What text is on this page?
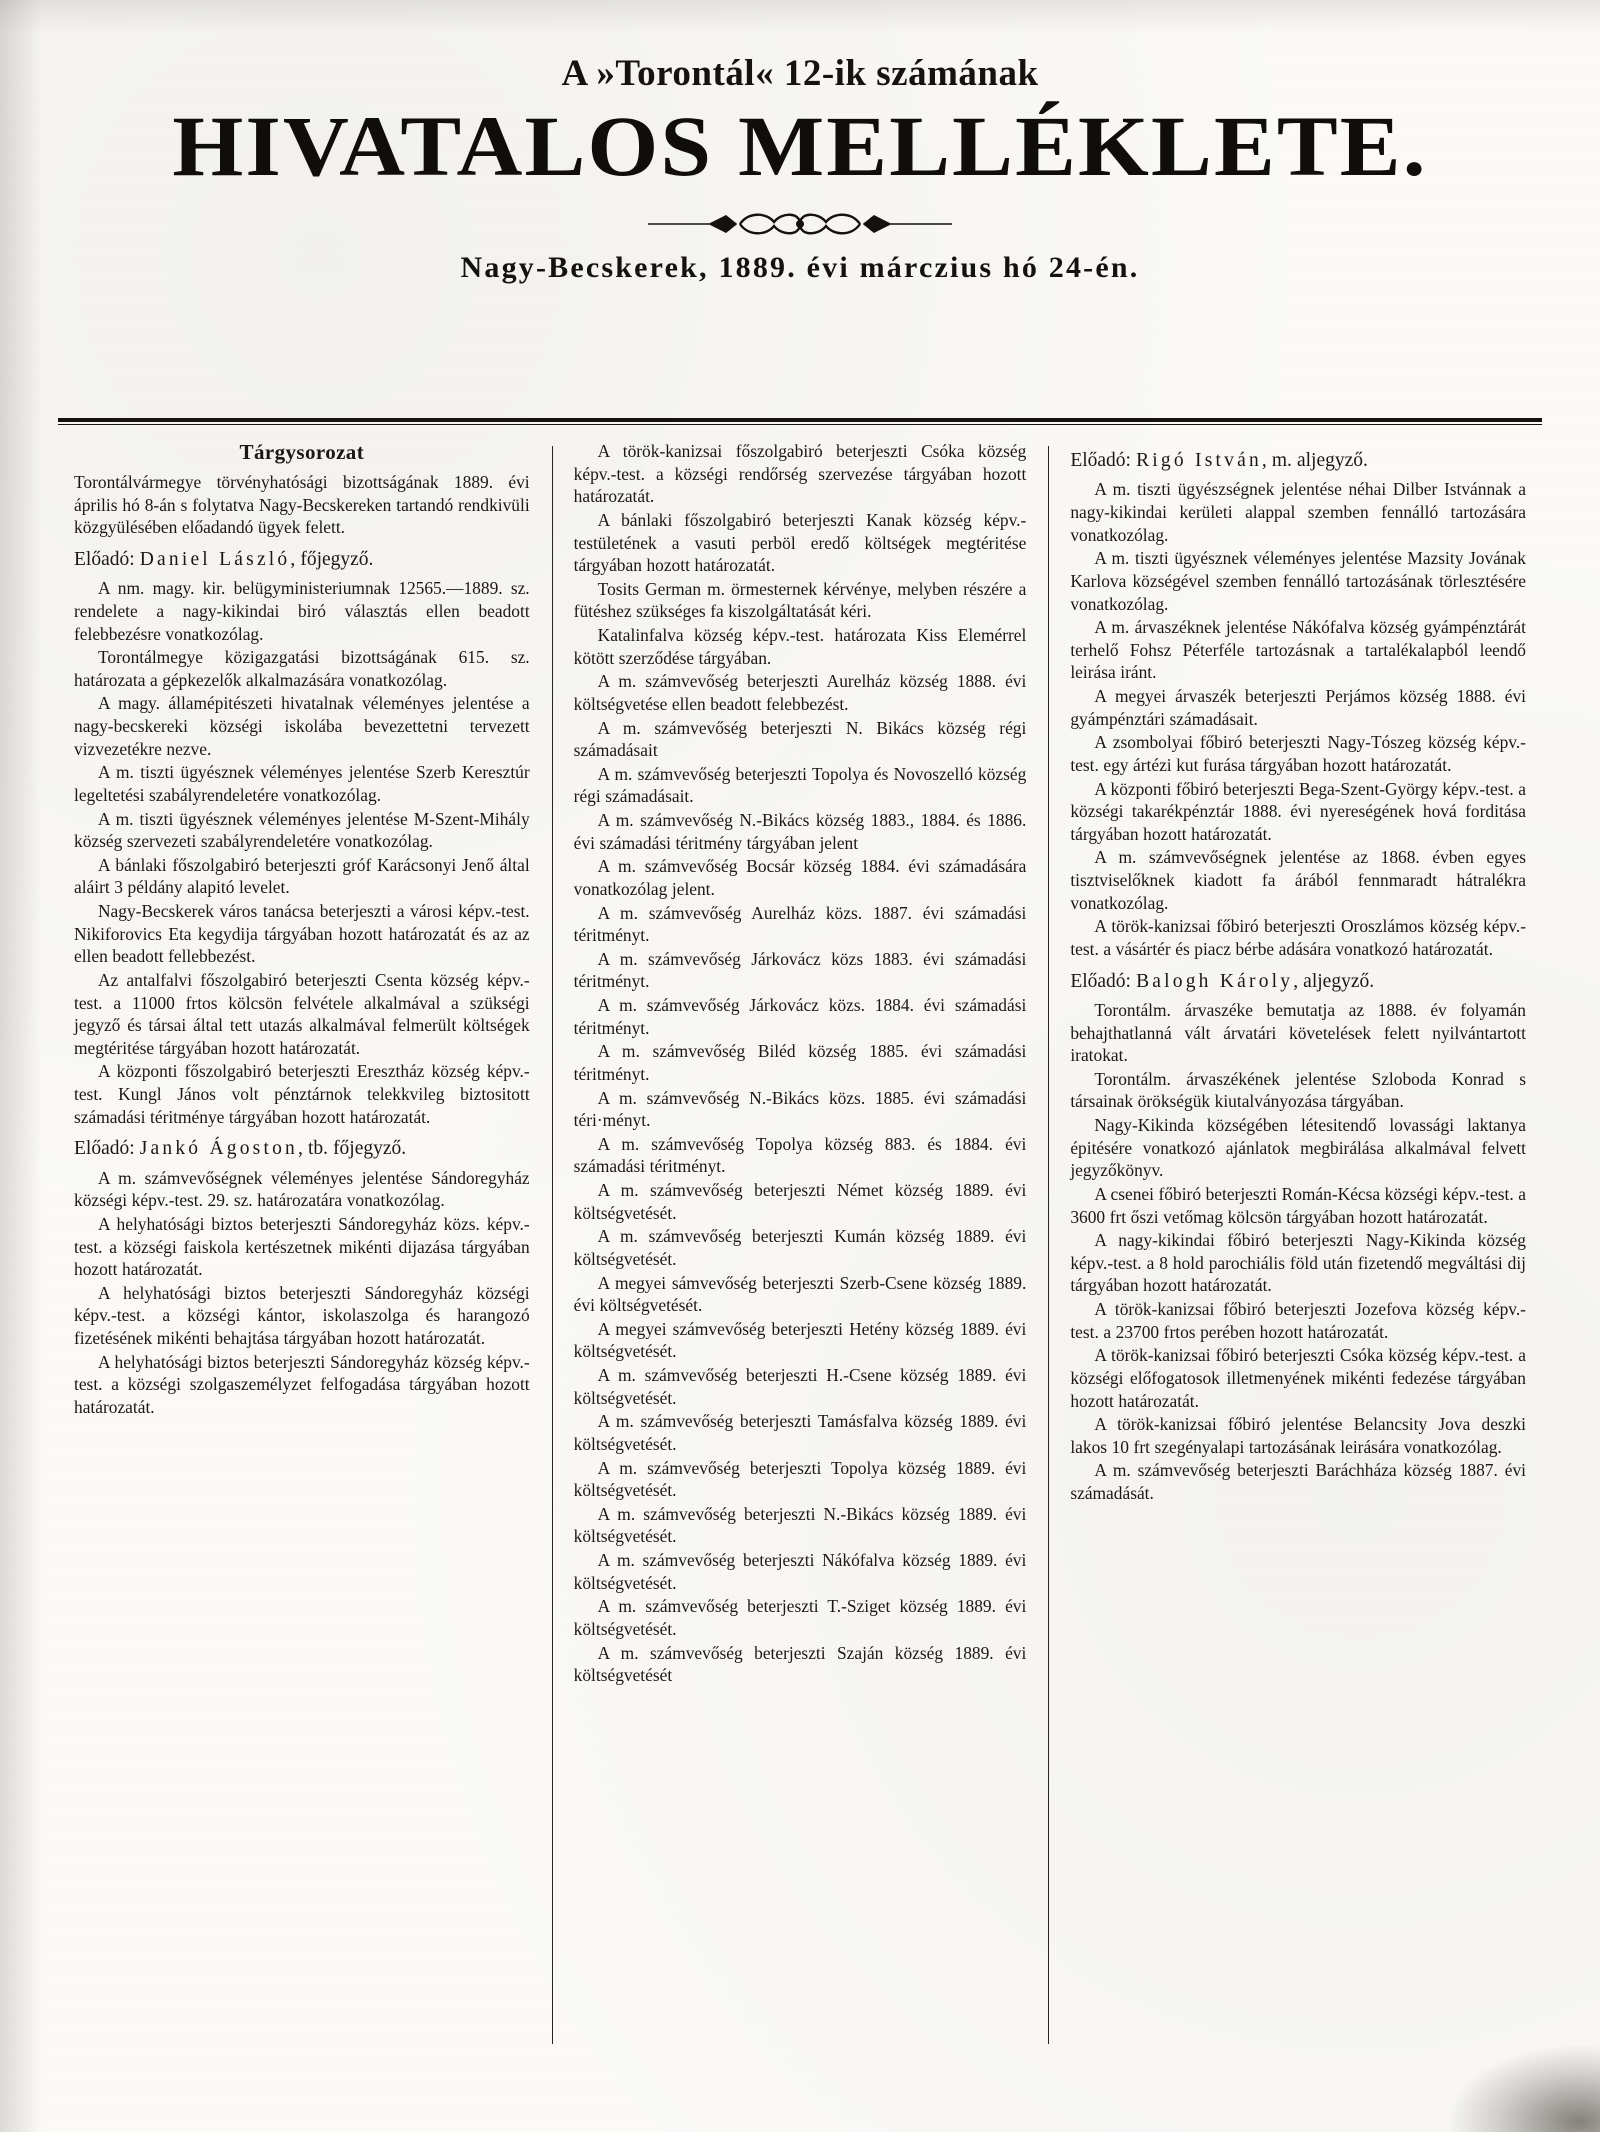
A »Torontál« 12-ik számának
HIVATALOS MELLÉKLETE.
Nagy-Becskerek, 1889. évi márczius hó 24-én.
Tárgysorozat

Torontálvármegye törvényhatósági bizottságának 1889. évi április hó 8-án s folytatva Nagy-Becskereken tartandó rendkivüli közgyülésében előadandó ügyek felett.

Előadó: Daniel László, főjegyző.

A nm. magy. kir. belügyministeriumnak 12565.—1889. sz. rendelete a nagy-kikindai biró választás ellen beadott felebbezésre vonatkozólag.

Torontálmegye közigazgatási bizottságának 615. sz. határozata a gépkezelők alkalmazására vonatkozólag.

A magy. államépitészeti hivatalnak véleményes jelentése a nagy-becskereki községi iskolába bevezettetni tervezett vizvezetékre nezve.

A m. tiszti ügyésznek véleményes jelentése Szerb Keresztúr legeltetési szabályrendeletére vonatkozólag.

A m. tiszti ügyésznek véleményes jelentése M-Szent-Mihály község szervezeti szabályrendeletére vonatkozólag.

A bánlaki főszolgabiró beterjeszti gróf Karácsonyi Jenő által aláirt 3 példány alapitó levelet.

Nagy-Becskerek város tanácsa beterjeszti a városi képv.-test. Nikiforovics Eta kegydija tárgyában hozott határozatát és az az ellen beadott fellebbezést.

Az antalfalvi főszolgabiró beterjeszti Csenta község képv.-test. a 11000 frtos kölcsön felvétele alkalmával a szükségi jegyző és társai által tett utazás alkalmával felmerült költségek megtéritése tárgyában hozott határozatát.

A központi főszolgabiró beterjeszti Eresztház község képv.-test. Kungl János volt pénztárnok telekkvileg biztositott számadási téritménye tárgyában hozott határozatát.

Előadó: Jankó Ágoston, tb. főjegyző.

A m. számvevőségnek véleményes jelentése Sándoregyház községi képv.-test. 29. sz. határozatára vonatkozólag.

A helyhatósági biztos beterjeszti Sándoregyház közs. képv.-test. a községi faiskola kertészetnek mikénti dijazása tárgyában hozott határozatát.

A helyhatósági biztos beterjeszti Sándoregyház községi képv.-test. a községi kántor, iskolaszolga és harangozó fizetésének mikénti behajtása tárgyában hozott határozatát.

A helyhatósági biztos beterjeszti Sándoregyház község képv.-test. a községi szolgaszemélyzet felfogadása tárgyában hozott határozatát.

A török-kanizsai főszolgabiró beterjeszti Csóka község képv.-test. a községi rendőrség szervezése tárgyában hozott határozatát.

A bánlaki főszolgabiró beterjeszti Kanak község képv.-testületének a vasuti perböl eredő költségek megtéritése tárgyában hozott határozatát.

Tosits German m. örmesternek kérvénye, melyben részére a fütéshez szükséges fa kiszolgáltatását kéri.

Katalinfalva község képv.-test. határozata Kiss Elemérrel kötött szerződése tárgyában.

A m. számvevőség beterjeszti Aurelház község 1888. évi költségvetése ellen beadott felebbezést.

A m. számvevőség beterjeszti N. Bikács község régi számadásait

A m. számvevőség beterjeszti Topolya és Novoszelló község régi számadásait.

A m. számvevőség N.-Bikács község 1883., 1884. és 1886. évi számadási téritmény tárgyában jelent

A m. számvevőség Bocsár község 1884. évi számadására vonatkozólag jelent.

A m. számvevőség Aurelház közs. 1887. évi számadási téritményt.

A m. számvevőség Járkovácz közs 1883. évi számadási téritményt.

A m. számvevőség Járkovácz közs. 1884. évi számadási téritményt.

A m. számvevőség Biléd község 1885. évi számadási téritményt.

A m. számvevőség N.-Bikács közs. 1885. évi számadási téri·ményt.

A m. számvevőség Topolya község 883. és 1884. évi számadási téritményt.

A m. számvevőség beterjeszti Német község 1889. évi költségvetését.

A m. számvevőség beterjeszti Kumán község 1889. évi költségvetését.

A megyei sámvevőség beterjeszti Szerb-Csene község 1889. évi költségvetését.

A megyei számvevőség beterjeszti Hetény község 1889. évi költségvetését.

A m. számvevőség beterjeszti H.-Csene község 1889. évi költségvetését.

A m. számvevőség beterjeszti Tamásfalva község 1889. évi költségvetését.

A m. számvevőség beterjeszti Topolya község 1889. évi költségvetését.

A m. számvevőség beterjeszti N.-Bikács község 1889. évi költségvetését.

A m. számvevőség beterjeszti Nákófalva község 1889. évi költségvetését.

A m. számvevőség beterjeszti T.-Sziget község 1889. évi költségvetését.

A m. számvevőség beterjeszti Szaján község 1889. évi költségvetését

Előadó: Rigó István, m. aljegyző.

A m. tiszti ügyészségnek jelentése néhai Dilber Istvánnak a nagy-kikindai kerületi alappal szemben fennálló tartozására vonatkozólag.

A m. tiszti ügyésznek véleményes jelentése Mazsity Jovának Karlova községével szemben fennálló tartozásának törlesztésére vonatkozólag.

A m. árvaszéknek jelentése Nákófalva község gyámpénztárát terhelő Fohsz Péterféle tartozásnak a tartalékalapból leendő leirása iránt.

A megyei árvaszék beterjeszti Perjámos község 1888. évi gyámpénztári számadásait.

A zsombolyai főbiró beterjeszti Nagy-Tószeg község képv.-test. egy ártézi kut furása tárgyában hozott határozatát.

A központi főbiró beterjeszti Bega-Szent-György képv.-test. a községi takarékpénztár 1888. évi nyereségének hová forditása tárgyában hozott határozatát.

A m. számvevőségnek jelentése az 1868. évben egyes tisztviselőknek kiadott fa árából fennmaradt hátralékra vonatkozólag.

A török-kanizsai főbiró beterjeszti Oroszlámos község képv.-test. a vásártér és piacz bérbe adására vonatkozó határozatát.

Előadó: Balogh Károly, aljegyző.

Torontálm. árvaszéke bemutatja az 1888. év folyamán behajthatlanná vált árvatári követelések felett nyilvántartott iratokat.

Torontálm. árvaszékének jelentése Szloboda Konrad s társainak örökségük kiutalványozása tárgyában.

Nagy-Kikinda községében létesitendő lovassági laktanya épitésére vonatkozó ajánlatok megbirálása alkalmával felvett jegyzőkönyv.

A csenei főbiró beterjeszti Román-Kécsa községi képv.-test. a 3600 frt őszi vetőmag kölcsön tárgyában hozott határozatát.

A nagy-kikindai főbiró beterjeszti Nagy-Kikinda község képv.-test. a 8 hold parochiális föld után fizetendő megváltási dij tárgyában hozott határozatát.

A török-kanizsai főbiró beterjeszti Jozefova község képv.-test. a 23700 frtos perében hozott határozatát.

A török-kanizsai főbiró beterjeszti Csóka község képv.-test. a községi előfogatosok illetmenyének mikénti fedezése tárgyában hozott határozatát.

A török-kanizsai főbiró jelentése Belancsity Jova deszki lakos 10 frt szegényalapi tartozásának leirására vonatkozólag.

A m. számvevőség beterjeszti Baráchháza község 1887. évi számadását.
